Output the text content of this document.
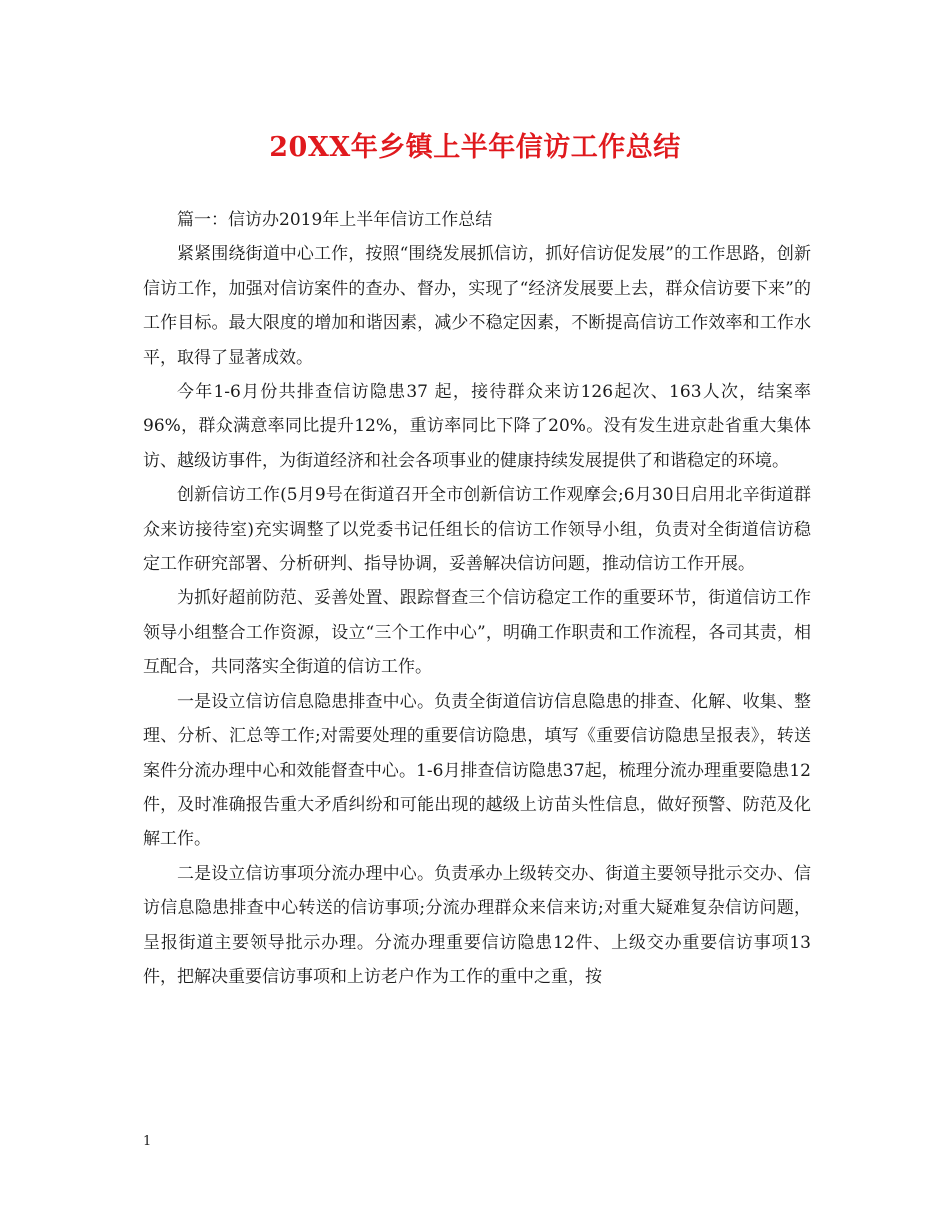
20XX年乡镇上半年信访工作总结

篇一：信访办2019年上半年信访工作总结

紧紧围绕街道中心工作，按照“围绕发展抓信访，抓好信访促发展”的工作思路，创新信访工作，加强对信访案件的查办、督办，实现了“经济发展要上去，群众信访要下来”的工作目标。最大限度的增加和谐因素，减少不稳定因素，不断提高信访工作效率和工作水平，取得了显著成效。

今年1-6月份共排查信访隐患37 起，接待群众来访126起次、163人次，结案率96%，群众满意率同比提升12%，重访率同比下降了20%。没有发生进京赴省重大集体访、越级访事件，为街道经济和社会各项事业的健康持续发展提供了和谐稳定的环境。

创新信访工作(5月9号在街道召开全市创新信访工作观摩会;6月30日启用北辛街道群众来访接待室)充实调整了以党委书记任组长的信访工作领导小组，负责对全街道信访稳定工作研究部署、分析研判、指导协调，妥善解决信访问题，推动信访工作开展。

为抓好超前防范、妥善处置、跟踪督查三个信访稳定工作的重要环节，街道信访工作领导小组整合工作资源，设立“三个工作中心”，明确工作职责和工作流程，各司其责，相互配合，共同落实全街道的信访工作。

一是设立信访信息隐患排查中心。负责全街道信访信息隐患的排查、化解、收集、整理、分析、汇总等工作;对需要处理的重要信访隐患，填写《重要信访隐患呈报表》，转送案件分流办理中心和效能督查中心。1-6月排查信访隐患37起，梳理分流办理重要隐患12件，及时准确报告重大矛盾纠纷和可能出现的越级上访苗头性信息，做好预警、防范及化解工作。

二是设立信访事项分流办理中心。负责承办上级转交办、街道主要领导批示交办、信访信息隐患排查中心转送的信访事项;分流办理群众来信来访;对重大疑难复杂信访问题，呈报街道主要领导批示办理。分流办理重要信访隐患12件、上级交办重要信访事项13件，把解决重要信访事项和上访老户作为工作的重中之重，按

1
